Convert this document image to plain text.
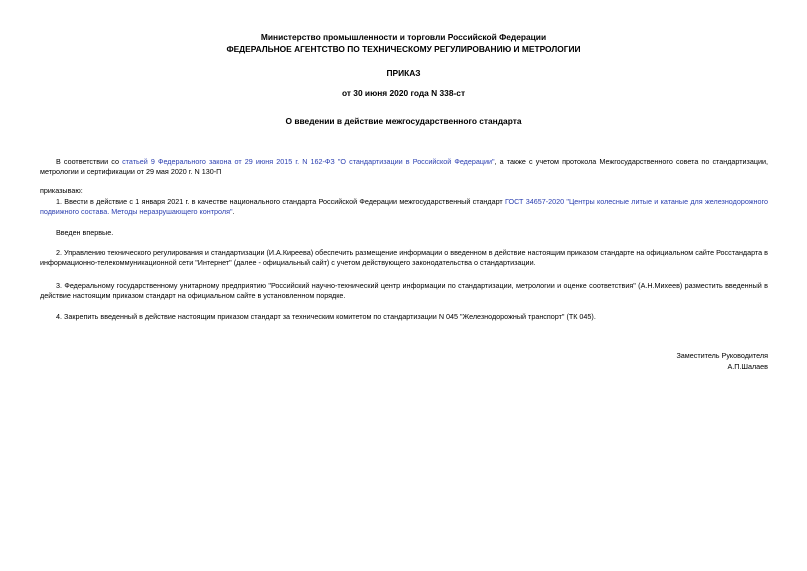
Министерство промышленности и торговли Российской Федерации
ФЕДЕРАЛЬНОЕ АГЕНТСТВО ПО ТЕХНИЧЕСКОМУ РЕГУЛИРОВАНИЮ И МЕТРОЛОГИИ
ПРИКАЗ
от 30 июня 2020 года N 338-ст
О введении в действие межгосударственного стандарта
В соответствии со статьей 9 Федерального закона от 29 июня 2015 г. N 162-ФЗ "О стандартизации в Российской Федерации", а также с учетом протокола Межгосударственного совета по стандартизации, метрологии и сертификации от 29 мая 2020 г. N 130-П
приказываю:
1. Ввести в действие с 1 января 2021 г. в качестве национального стандарта Российской Федерации межгосударственный стандарт ГОСТ 34657-2020 "Центры колесные литые и катаные для железнодорожного подвижного состава. Методы неразрушающего контроля".
Введен впервые.
2. Управлению технического регулирования и стандартизации (И.А.Киреева) обеспечить размещение информации о введенном в действие настоящим приказом стандарте на официальном сайте Росстандарта в информационно-телекоммуникационной сети "Интернет" (далее - официальный сайт) с учетом действующего законодательства о стандартизации.
3. Федеральному государственному унитарному предприятию "Российский научно-технический центр информации по стандартизации, метрологии и оценке соответствия" (А.Н.Михеев) разместить введенный в действие настоящим приказом стандарт на официальном сайте в установленном порядке.
4. Закрепить введенный в действие настоящим приказом стандарт за техническим комитетом по стандартизации N 045 "Железнодорожный транспорт" (ТК 045).
Заместитель Руководителя
А.П.Шалаев
